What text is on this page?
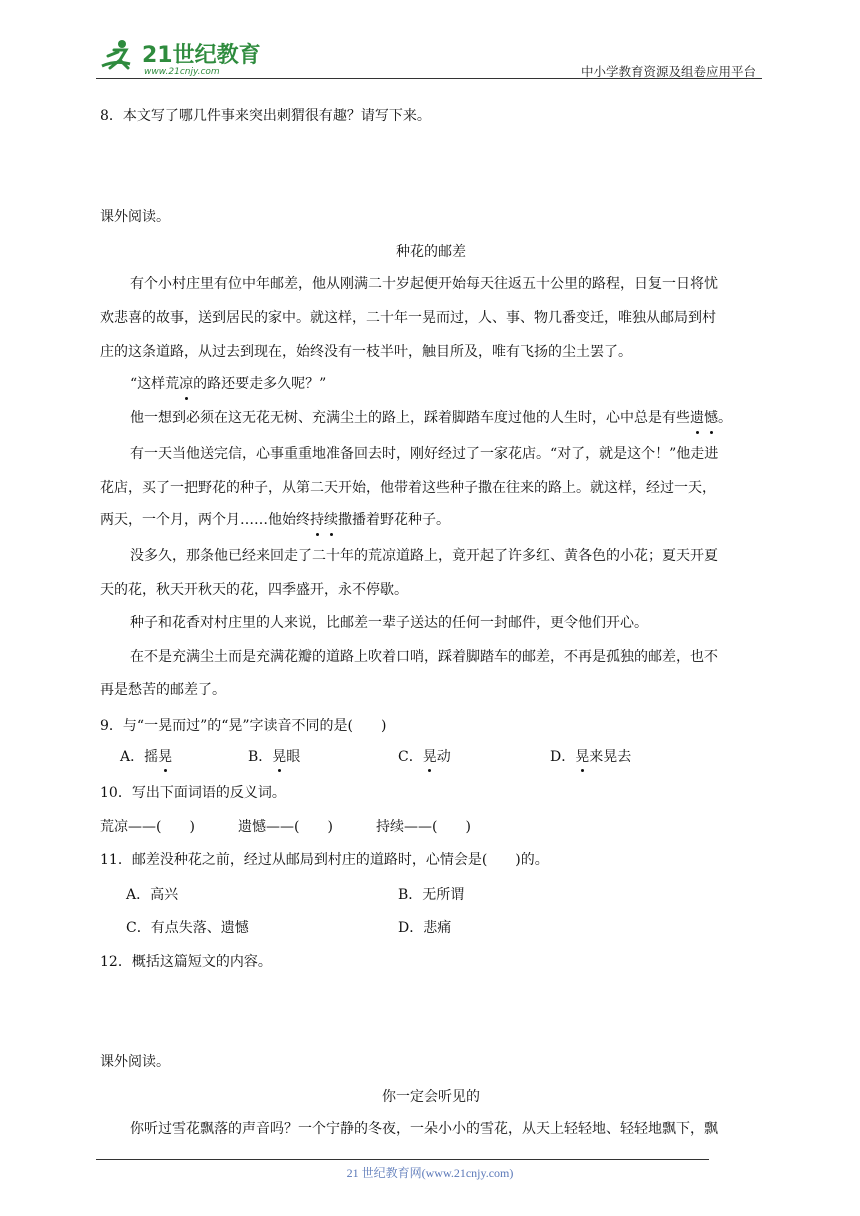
21世纪教育
www.21cnjy.com	中小学教育资源及组卷应用平台
8．本文写了哪几件事来突出刺猬很有趣？请写下来。
课外阅读。
种花的邮差
有个小村庄里有位中年邮差，他从刚满二十岁起便开始每天往返五十公里的路程，日复一日将忧
欢悲喜的故事，送到居民的家中。就这样，二十年一晃而过，人、事、物几番变迁，唯独从邮局到村
庄的这条道路，从过去到现在，始终没有一枝半叶，触目所及，唯有飞扬的尘土罢了。
“这样荒凉的路还要走多久呢？”
他一想到必须在这无花无树、充满尘土的路上，踩着脚踏车度过他的人生时，心中总是有些遗憾。
有一天当他送完信，心事重重地准备回去时，刚好经过了一家花店。“对了，就是这个！”他走进
花店，买了一把野花的种子，从第二天开始，他带着这些种子撒在往来的路上。就这样，经过一天，
两天，一个月，两个月……他始终持续撒播着野花种子。
没多久，那条他已经来回走了二十年的荒凉道路上，竟开起了许多红、黄各色的小花；夏天开夏
天的花，秋天开秋天的花，四季盛开，永不停歇。
种子和花香对村庄里的人来说，比邮差一辈子送达的任何一封邮件，更令他们开心。
在不是充满尘土而是充满花瓣的道路上吹着口哨，踩着脚踏车的邮差，不再是孤独的邮差，也不
再是愁苦的邮差了。
9．与“一晃而过”的“晃”字读音不同的是(　　)
A．摇晃	B．晃眼	C．晃动	D．晃来晃去
10．写出下面词语的反义词。
荒凉——(　　)	遗憾——(　　)	持续——(　　)
11．邮差没种花之前，经过从邮局到村庄的道路时，心情会是(　　)的。
A．高兴	B．无所谓
C．有点失落、遗憾	D．悲痛
12．概括这篇短文的内容。
课外阅读。
你一定会听见的
你听过雪花飘落的声音吗？一个宁静的冬夜，一朵小小的雪花，从天上轻轻地、轻轻地飘下，飘
21 世纪教育网(www.21cnjy.com)
